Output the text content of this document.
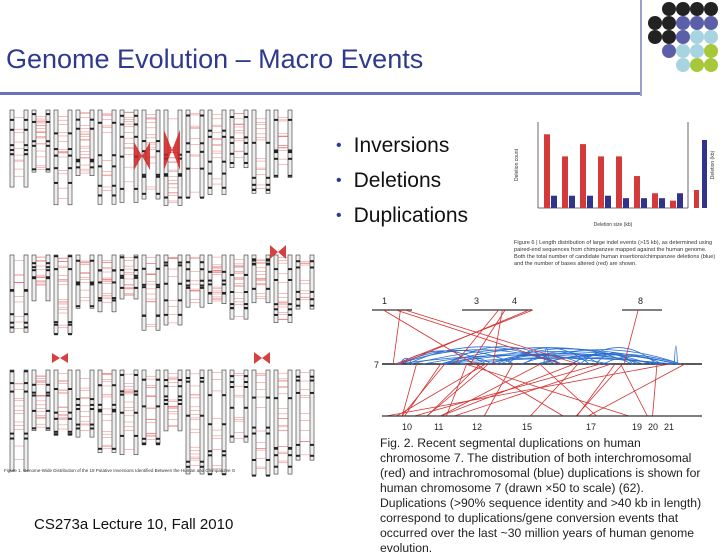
Genome Evolution – Macro Events
Figure 1. Genome-Wide Distribution of the 18 Putative Inversions Identified Between the Human and Chimpanzee G
• Inversions
• Deletions
• Duplications	Deletion size (kb)
Deletion count	Deletion (kb)
Figure 6 | Length distribution of large indel events (>15 kb), as determined using paired-end sequences from chimpanzee mapped against the human genome. Both the total number of candidate human insertions/chimpanzee deletions (blue) and the number of bases altered (red) are shown.
1	3	4	8
7
10 11	12	15	17	19 20 21
Fig. 2. Recent segmental duplications on human chromosome 7. The distribution of both interchromosomal (red) and intrachromosomal (blue) duplications is shown for human chromosome 7 (drawn ×50 to scale) (62). Duplications (>90% sequence identity and >40 kb in length) correspond to duplications/gene conversion events that occurred over the last ~30 million years of human genome evolution.
CS273a Lecture 10, Fall 2010
